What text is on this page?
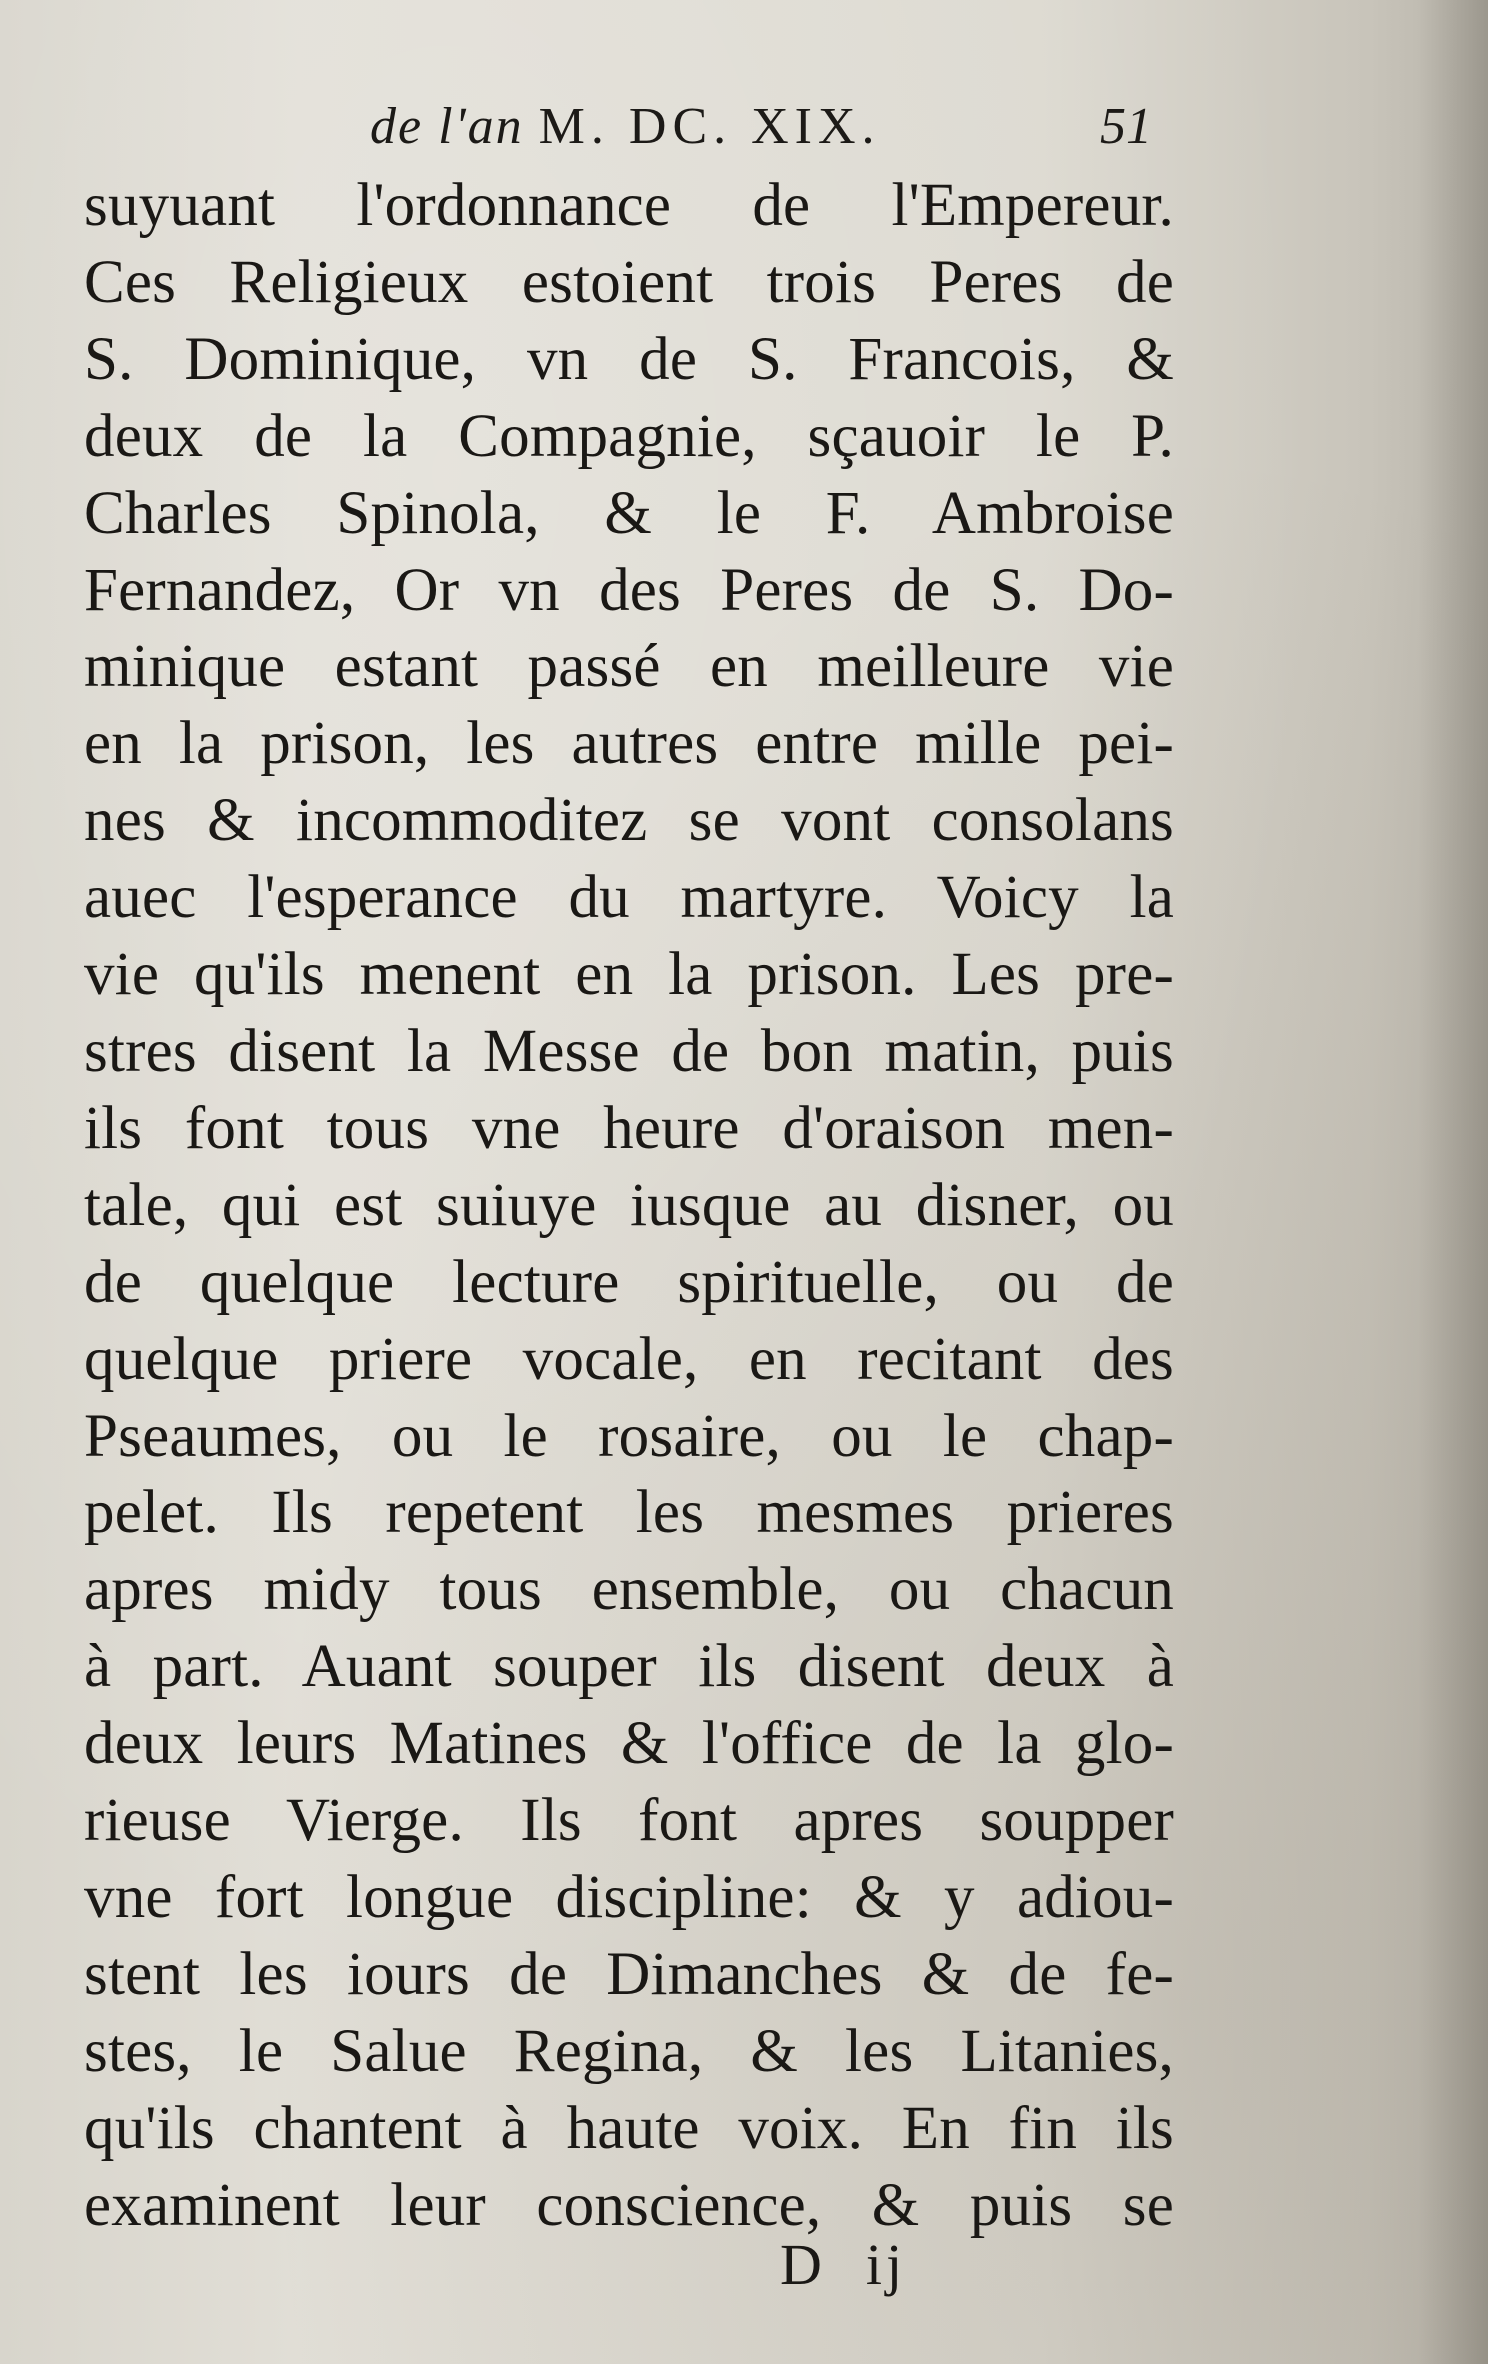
de l'an M. DC. XIX.	51
suyuant l'ordonnance de l'Empereur.
Ces Religieux estoient trois Peres de
S. Dominique, vn de S. Francois, &
deux de la Compagnie, sçauoir le P.
Charles Spinola, & le F. Ambroise
Fernandez, Or vn des Peres de S. Do-
minique estant passé en meilleure vie
en la prison, les autres entre mille pei-
nes & incommoditez se vont consolans
auec l'esperance du martyre. Voicy la
vie qu'ils menent en la prison. Les pre-
stres disent la Messe de bon matin, puis
ils font tous vne heure d'oraison men-
tale, qui est suiuye iusque au disner, ou
de quelque lecture spirituelle, ou de
quelque priere vocale, en recitant des
Pseaumes, ou le rosaire, ou le chap-
pelet. Ils repetent les mesmes prieres
apres midy tous ensemble, ou chacun
à part. Auant souper ils disent deux à
deux leurs Matines & l'office de la glo-
rieuse Vierge. Ils font apres soupper
vne fort longue discipline: & y adiou-
stent les iours de Dimanches & de fe-
stes, le Salue Regina, & les Litanies,
qu'ils chantent à haute voix. En fin ils
examinent leur conscience, & puis se
D ij
